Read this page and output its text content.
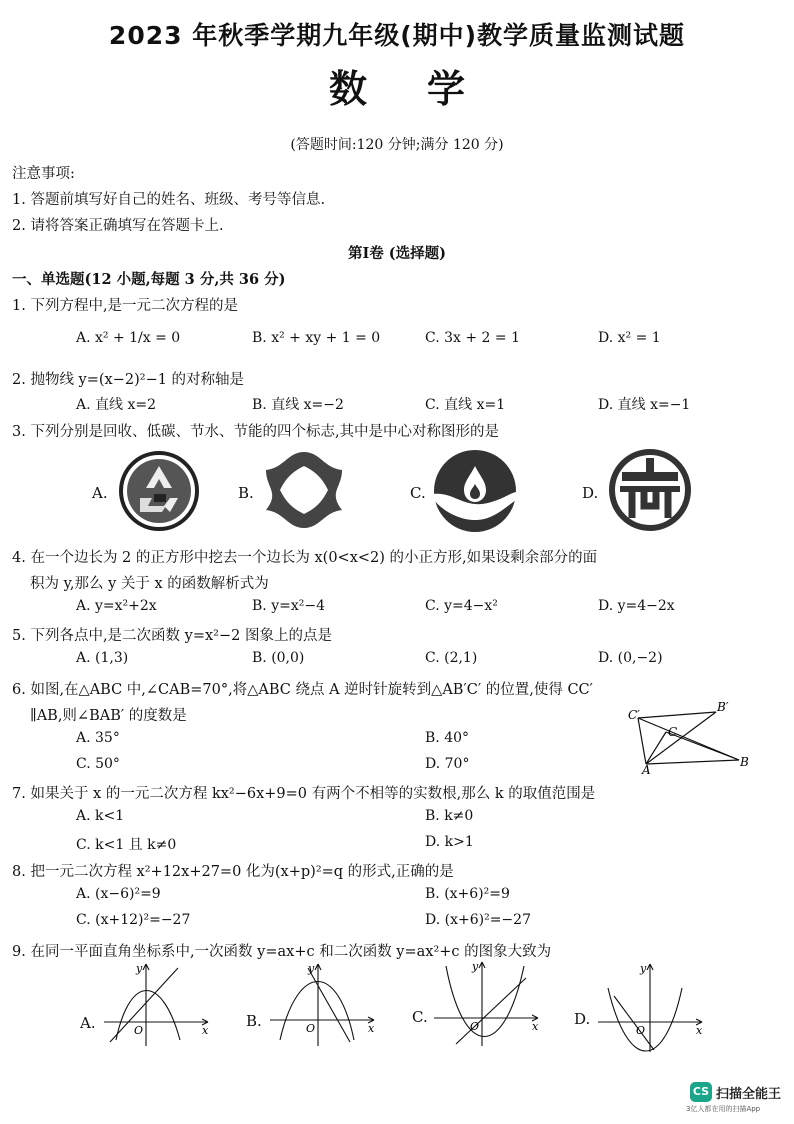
2023 年秋季学期九年级(期中)教学质量监测试题
数学
(答题时间:120 分钟;满分 120 分)
注意事项:
1. 答题前填写好自己的姓名、班级、考号等信息.
2. 请将答案正确填写在答题卡上.
第Ⅰ卷 (选择题)
一、单选题(12 小题,每题 3 分,共 36 分)
1. 下列方程中,是一元二次方程的是
A. x² + 1/x = 0	B. x² + xy + 1 = 0	C. 3x + 2 = 1	D. x² = 1
2. 抛物线 y=(x−2)²−1 的对称轴是
A. 直线 x=2	B. 直线 x=−2	C. 直线 x=1	D. 直线 x=−1
3. 下列分别是回收、低碳、节水、节能的四个标志,其中是中心对称图形的是
A.	B.	C.	D.
4. 在一个边长为 2 的正方形中挖去一个边长为 x(0<x<2) 的小正方形,如果设剩余部分的面
积为 y,那么 y 关于 x 的函数解析式为
A. y=x²+2x	B. y=x²−4	C. y=4−x²	D. y=4−2x
5. 下列各点中,是二次函数 y=x²−2 图象上的点是
A. (1,3)	B. (0,0)	C. (2,1)	D. (0,−2)
6. 如图,在△ABC 中,∠CAB=70°,将△ABC 绕点 A 逆时针旋转到△AB′C′ 的位置,使得 CC′
∥AB,则∠BAB′ 的度数是
A. 35°	B. 40°
C. 50°	D. 70°
C′
B′
C
A
B
7. 如果关于 x 的一元二次方程 kx²−6x+9=0 有两个不相等的实数根,那么 k 的取值范围是
A. k<1	B. k≠0
C. k<1 且 k≠0	D. k>1
8. 把一元二次方程 x²+12x+27=0 化为(x+p)²=q 的形式,正确的是
A. (x−6)²=9	B. (x+6)²=9
C. (x+12)²=−27	D. (x+6)²=−27
9. 在同一平面直角坐标系中,一次函数 y=ax+c 和二次函数 y=ax²+c 的图象大致为
A.	B.	C.	D.
O	x
y
O	x
y
O	x
y
O	x
y
CS 扫描全能王
3亿人都在用的扫描App
